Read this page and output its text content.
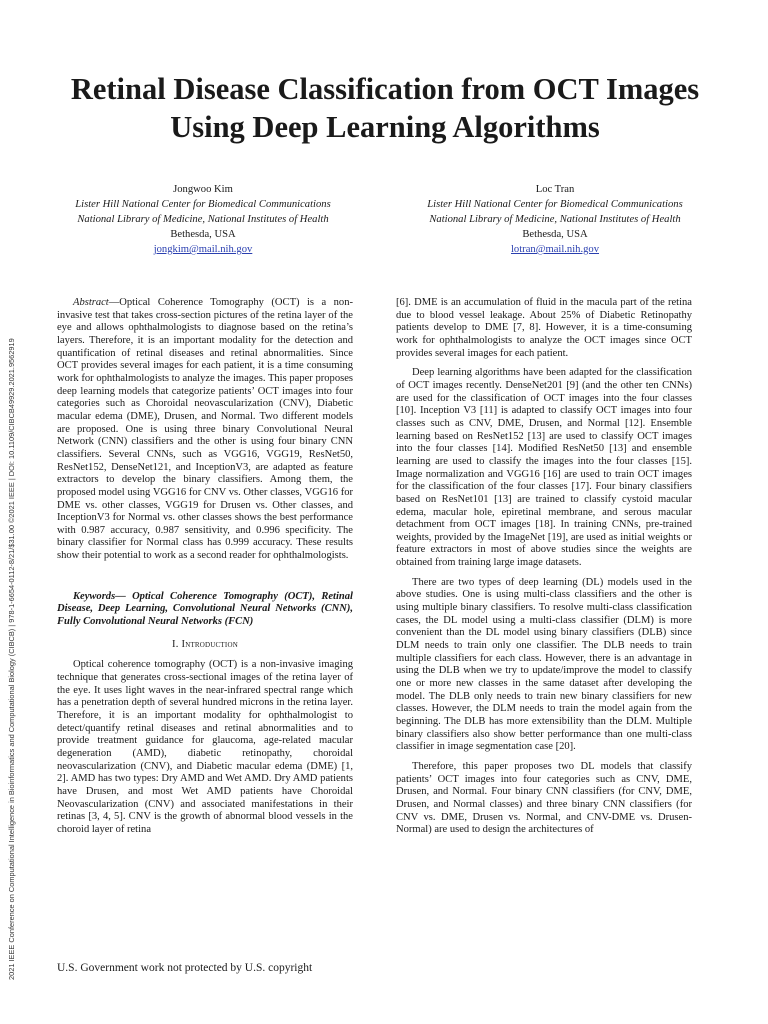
2021 IEEE Conference on Computational Intelligence in Bioinformatics and Computational Biology (CIBCB) | 978-1-6654-0112-8/21/$31.00 ©2021 IEEE | DOI: 10.1109/CIBCB49929.2021.9562919
Retinal Disease Classification from OCT Images Using Deep Learning Algorithms
Jongwoo Kim
Lister Hill National Center for Biomedical Communications
National Library of Medicine, National Institutes of Health
Bethesda, USA
jongkim@mail.nih.gov
Loc Tran
Lister Hill National Center for Biomedical Communications
National Library of Medicine, National Institutes of Health
Bethesda, USA
lotran@mail.nih.gov

Abstract—Optical Coherence Tomography (OCT) is a non-invasive test that takes cross-section pictures of the retina layer of the eye and allows ophthalmologists to diagnose based on the retina’s layers. Therefore, it is an important modality for the detection and quantification of retinal diseases and retinal abnormalities. Since OCT provides several images for each patient, it is a time consuming work for ophthalmologists to analyze the images. This paper proposes deep learning models that categorize patients’ OCT images into four categories such as Choroidal neovascularization (CNV), Diabetic macular edema (DME), Drusen, and Normal. Two different models are proposed. One is using three binary Convolutional Neural Network (CNN) classifiers and the other is using four binary CNN classifiers. Several CNNs, such as VGG16, VGG19, ResNet50, ResNet152, DenseNet121, and InceptionV3, are adapted as feature extractors to develop the binary classifiers. Among them, the proposed model using VGG16 for CNV vs. Other classes, VGG16 for DME vs. other classes, VGG19 for Drusen vs. Other classes, and InceptionV3 for Normal vs. other classes shows the best performance with 0.987 accuracy, 0.987 sensitivity, and 0.996 specificity. The binary classifier for Normal class has 0.999 accuracy. These results show their potential to work as a second reader for ophthalmologists.

Keywords— Optical Coherence Tomography (OCT), Retinal Disease, Deep Learning, Convolutional Neural Networks (CNN), Fully Convolutional Neural Networks (FCN)

I. Introduction

Optical coherence tomography (OCT) is a non-invasive imaging technique that generates cross-sectional images of the retina layer of the eye. It uses light waves in the near-infrared spectral range which has a penetration depth of several hundred microns in the retina layer. Therefore, it is an important modality for ophthalmologist to detect/quantify retinal diseases and retinal abnormalities and to provide treatment guidance for glaucoma, age-related macular degeneration (AMD), diabetic retinopathy, choroidal neovascularization (CNV), and Diabetic macular edema (DME) [1, 2]. AMD has two types: Dry AMD and Wet AMD. Dry AMD patients have Drusen, and most Wet AMD patients have Choroidal Neovascularization (CNV) and associated manifestations in their retinas [3, 4, 5]. CNV is the growth of abnormal blood vessels in the choroid layer of retina

[6]. DME is an accumulation of fluid in the macula part of the retina due to blood vessel leakage. About 25% of Diabetic Retinopathy patients develop to DME [7, 8]. However, it is a time-consuming work for ophthalmologists to analyze the OCT images since OCT provides several images for each patient.

Deep learning algorithms have been adapted for the classification of OCT images recently. DenseNet201 [9] (and the other ten CNNs) are used for the classification of OCT images into the four classes [10]. Inception V3 [11] is adapted to classify OCT images into four classes such as CNV, DME, Drusen, and Normal [12]. Ensemble learning based on ResNet152 [13] are used to classify OCT images into the four classes [14]. Modified ResNet50 [13] and ensemble learning are used to classify the images into the four classes [15]. Image normalization and VGG16 [16] are used to train OCT images for the classification of the four classes [17]. Four binary classifiers based on ResNet101 [13] are trained to classify cystoid macular edema, macular hole, epiretinal membrane, and serous macular detachment from OCT images [18]. In training CNNs, pre-trained weights, provided by the ImageNet [19], are used as initial weights or feature extractors in most of above studies since the weights are obtained from training large image datasets.

There are two types of deep learning (DL) models used in the above studies. One is using multi-class classifiers and the other is using multiple binary classifiers. To resolve multi-class classification cases, the DL model using a multi-class classifier (DLM) is more convenient than the DL model using binary classifiers (DLB) since DLM needs to train only one classifier. The DLB needs to train multiple classifiers for each class. However, there is an advantage in using the DLB when we try to update/improve the model to classify one or more new classes in the same dataset after developing the model. The DLB only needs to train new binary classifiers for new classes. However, the DLM needs to train the model again from the beginning. The DLB has more extensibility than the DLM. Multiple binary classifiers also show better performance than one multi-class classifier in image segmentation case [20].

Therefore, this paper proposes two DL models that classify patients’ OCT images into four categories such as CNV, DME, Drusen, and Normal. Four binary CNN classifiers (for CNV, DME, Drusen, and Normal classes) and three binary CNN classifiers (for CNV vs. DME, Drusen vs. Normal, and CNV-DME vs. Drusen-Normal) are used to design the architectures of

U.S. Government work not protected by U.S. copyright
